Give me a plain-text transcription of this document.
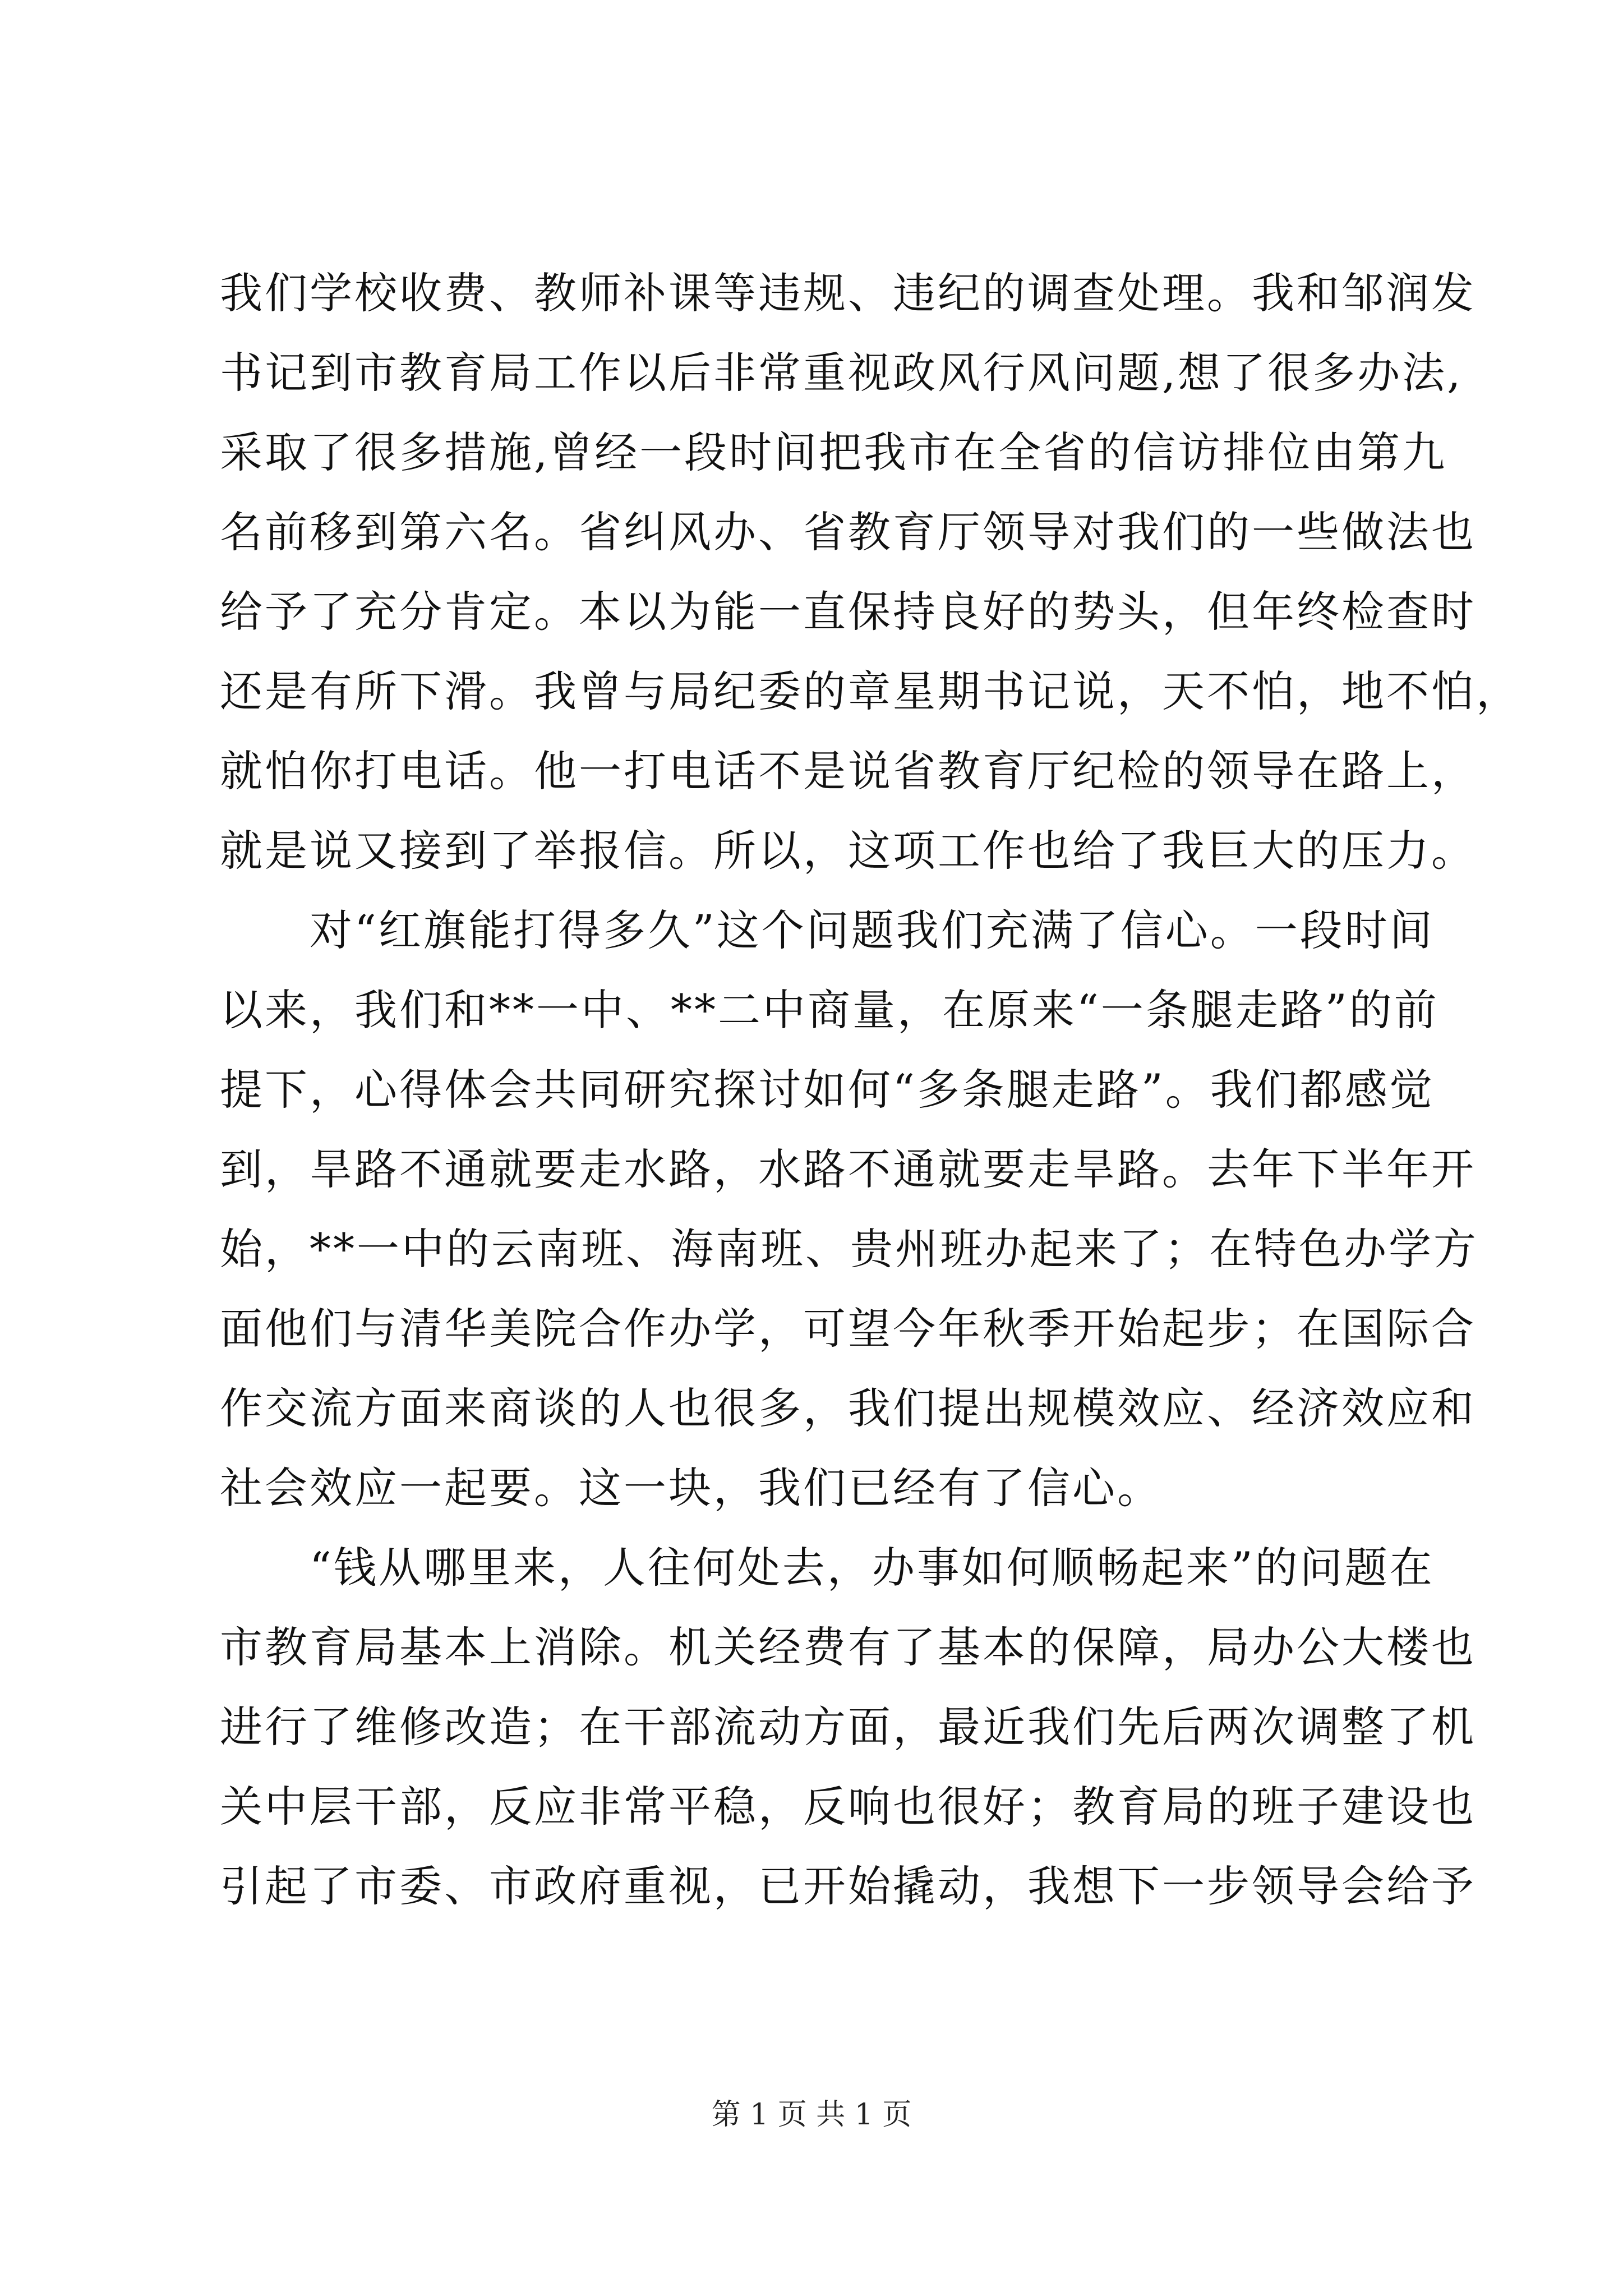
我们学校收费、教师补课等违规、违纪的调查处理。我和邹润发
书记到市教育局工作以后非常重视政风行风问题,想了很多办法,
采取了很多措施,曾经一段时间把我市在全省的信访排位由第九
名前移到第六名。省纠风办、省教育厅领导对我们的一些做法也
给予了充分肯定。本以为能一直保持良好的势头，但年终检查时
还是有所下滑。我曾与局纪委的章星期书记说，天不怕，地不怕，
就怕你打电话。他一打电话不是说省教育厅纪检的领导在路上，
就是说又接到了举报信。所以，这项工作也给了我巨大的压力。
　　对“红旗能打得多久”这个问题我们充满了信心。一段时间
以来，我们和**一中、**二中商量，在原来“一条腿走路”的前
提下，心得体会共同研究探讨如何“多条腿走路”。我们都感觉
到，旱路不通就要走水路，水路不通就要走旱路。去年下半年开
始，**一中的云南班、海南班、贵州班办起来了；在特色办学方
面他们与清华美院合作办学，可望今年秋季开始起步；在国际合
作交流方面来商谈的人也很多，我们提出规模效应、经济效应和
社会效应一起要。这一块，我们已经有了信心。
　　“钱从哪里来，人往何处去，办事如何顺畅起来”的问题在
市教育局基本上消除。机关经费有了基本的保障，局办公大楼也
进行了维修改造；在干部流动方面，最近我们先后两次调整了机
关中层干部，反应非常平稳，反响也很好；教育局的班子建设也
引起了市委、市政府重视，已开始撬动，我想下一步领导会给予
第 1 页 共 1 页
